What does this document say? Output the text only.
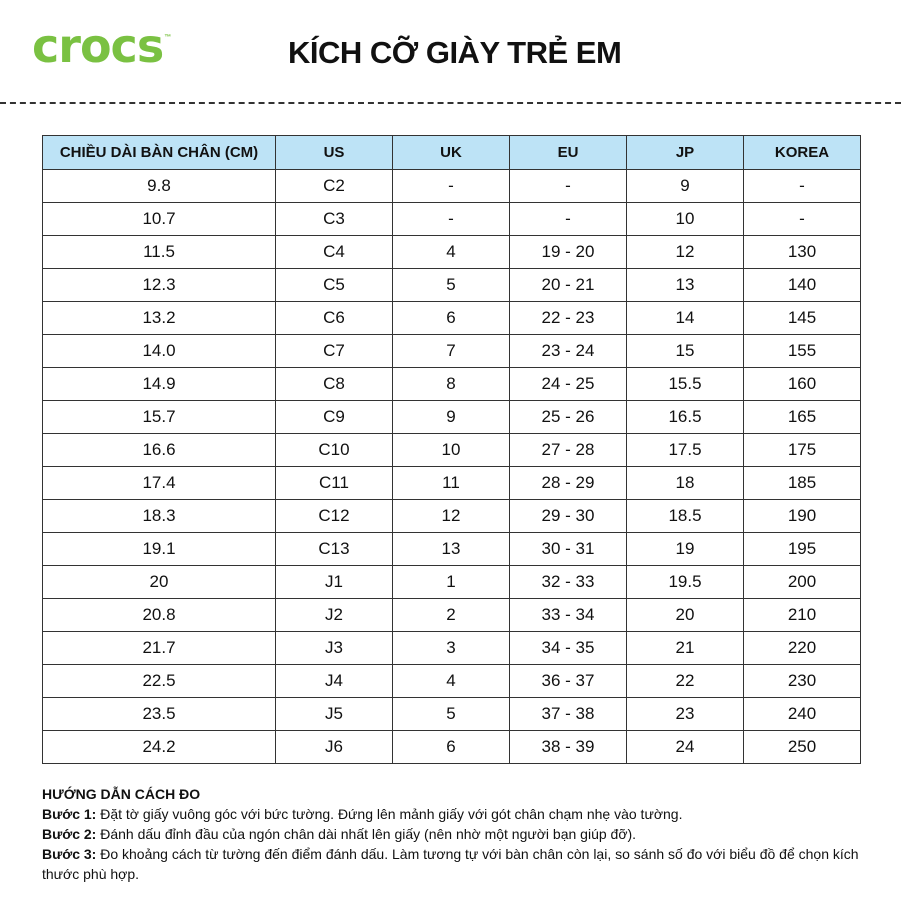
crocs ™	KÍCH CỠ GIÀY TRẺ EM
CHIỀU DÀI BÀN CHÂN (CM)	US	UK	EU	JP	KOREA
9.8	C2	-	-	9	-
10.7	C3	-	-	10	-
11.5	C4	4	19 - 20	12	130
12.3	C5	5	20 - 21	13	140
13.2	C6	6	22 - 23	14	145
14.0	C7	7	23 - 24	15	155
14.9	C8	8	24 - 25	15.5	160
15.7	C9	9	25 - 26	16.5	165
16.6	C10	10	27 - 28	17.5	175
17.4	C11	11	28 - 29	18	185
18.3	C12	12	29 - 30	18.5	190
19.1	C13	13	30 - 31	19	195
20	J1	1	32 - 33	19.5	200
20.8	J2	2	33 - 34	20	210
21.7	J3	3	34 - 35	21	220
22.5	J4	4	36 - 37	22	230
23.5	J5	5	37 - 38	23	240
24.2	J6	6	38 - 39	24	250
HƯỚNG DẪN CÁCH ĐO
Bước 1: Đặt tờ giấy vuông góc với bức tường. Đứng lên mảnh giấy với gót chân chạm nhẹ vào tường.
Bước 2: Đánh dấu đỉnh đầu của ngón chân dài nhất lên giấy (nên nhờ một người bạn giúp đỡ).
Bước 3: Đo khoảng cách từ tường đến điểm đánh dấu. Làm tương tự với bàn chân còn lại, so sánh số đo với biểu đồ để chọn kích thước phù hợp.
